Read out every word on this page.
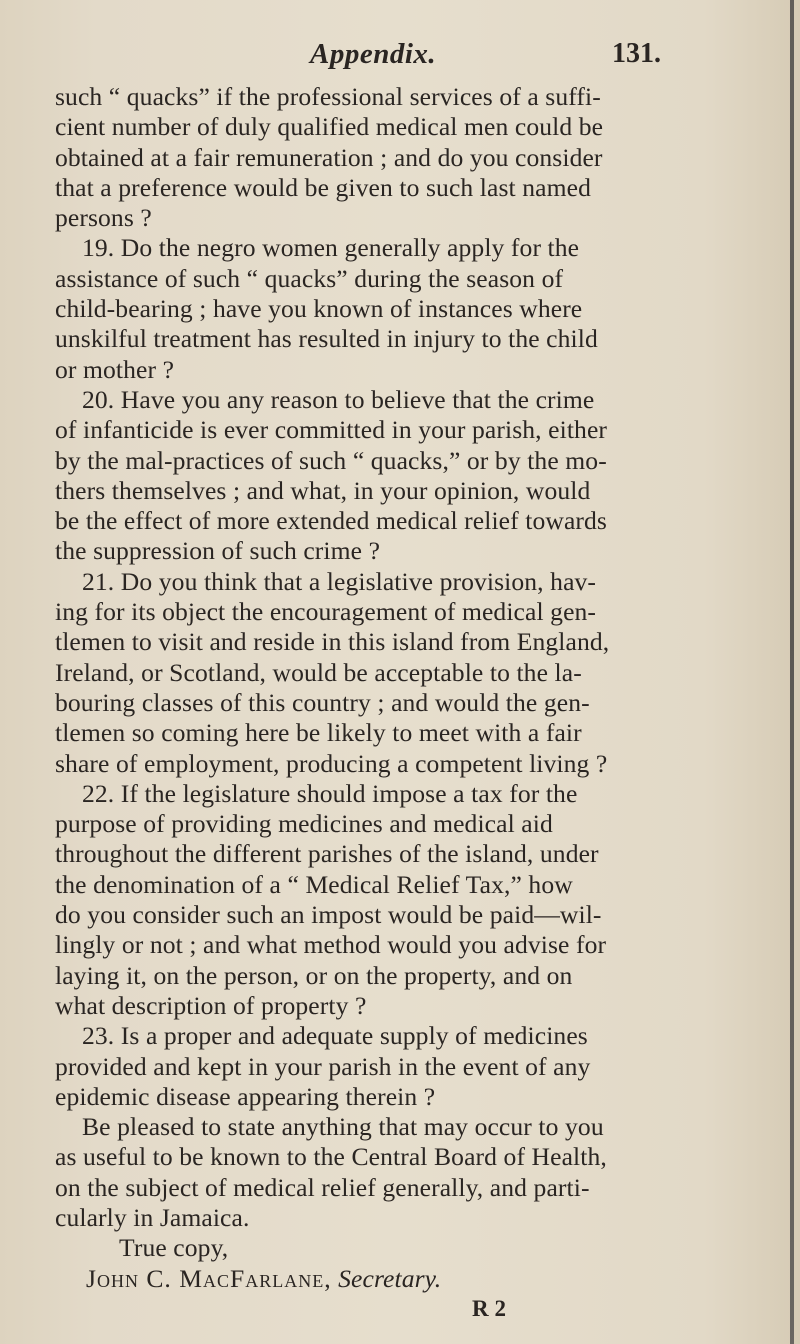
Appendix.	131.
such “ quacks” if the professional services of a suffi-
cient number of duly qualified medical men could be
obtained at a fair remuneration ; and do you consider
that a preference would be given to such last named
persons ?
19. Do the negro women generally apply for the
assistance of such “ quacks” during the season of
child-bearing ; have you known of instances where
unskilful treatment has resulted in injury to the child
or mother ?
20. Have you any reason to believe that the crime
of infanticide is ever committed in your parish, either
by the mal-practices of such “ quacks,” or by the mo-
thers themselves ; and what, in your opinion, would
be the effect of more extended medical relief towards
the suppression of such crime ?
21. Do you think that a legislative provision, hav-
ing for its object the encouragement of medical gen-
tlemen to visit and reside in this island from England,
Ireland, or Scotland, would be acceptable to the la-
bouring classes of this country ; and would the gen-
tlemen so coming here be likely to meet with a fair
share of employment, producing a competent living ?
22. If the legislature should impose a tax for the
purpose of providing medicines and medical aid
throughout the different parishes of the island, under
the denomination of a “ Medical Relief Tax,” how
do you consider such an impost would be paid—wil-
lingly or not ; and what method would you advise for
laying it, on the person, or on the property, and on
what description of property ?
23. Is a proper and adequate supply of medicines
provided and kept in your parish in the event of any
epidemic disease appearing therein ?
Be pleased to state anything that may occur to you
as useful to be known to the Central Board of Health,
on the subject of medical relief generally, and parti-
cularly in Jamaica.
True copy,
John C. MacFarlane, Secretary.
R 2
